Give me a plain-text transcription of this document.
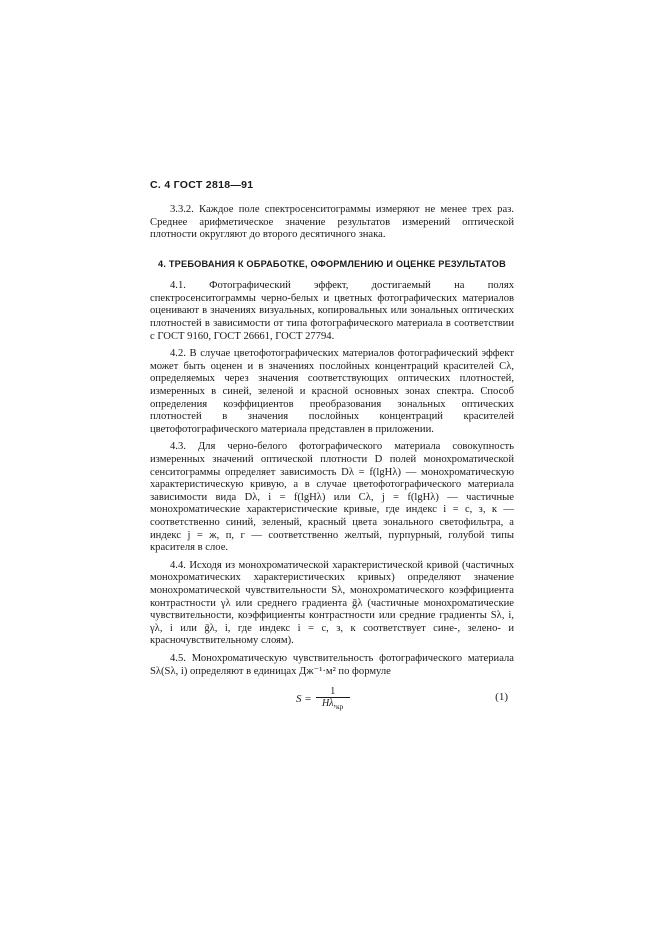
С. 4 ГОСТ 2818—91

3.3.2. Каждое поле спектросенситограммы измеряют не менее трех раз. Среднее арифметическое значение результатов измерений оптической плотности округляют до второго десятичного знака.

4. ТРЕБОВАНИЯ К ОБРАБОТКЕ, ОФОРМЛЕНИЮ И ОЦЕНКЕ РЕЗУЛЬТАТОВ

4.1. Фотографический эффект, достигаемый на полях спектросенситограммы черно-белых и цветных фотографических материалов оценивают в значениях визуальных, копировальных или зональных оптических плотностей в зависимости от типа фотографического материала в соответствии с ГОСТ 9160, ГОСТ 26661, ГОСТ 27794.

4.2. В случае цветофотографических материалов фотографический эффект может быть оценен и в значениях послойных концентраций красителей Cλ, определяемых через значения соответствующих оптических плотностей, измеренных в синей, зеленой и красной основных зонах спектра. Способ определения коэффициентов преобразования зональных оптических плотностей в значения послойных концентраций красителей цветофотографического материала представлен в приложении.

4.3. Для черно-белого фотографического материала совокупность измеренных значений оптической плотности D полей монохроматической сенситограммы определяет зависимость Dλ = f(lgHλ) — монохроматическую характеристическую кривую, а в случае цветофотографического материала зависимости вида Dλ, i = f(lgHλ) или Cλ, j = f(lgHλ) — частичные монохроматические характеристические кривые, где индекс i = с, з, к — соответственно синий, зеленый, красный цвета зонального светофильтра, а индекс j = ж, п, г — соответственно желтый, пурпурный, голубой типы красителя в слое.

4.4. Исходя из монохроматической характеристической кривой (частичных монохроматических характеристических кривых) определяют значение монохроматической чувствительности Sλ, монохроматического коэффициента контрастности γλ или среднего градиента ḡλ (частичные монохроматические чувствительности, коэффициенты контрастности или средние градиенты Sλ, i, γλ, i или ḡλ, i, где индекс i = с, з, к соответствует сине-, зелено- и красночувствительному слоям).

4.5. Монохроматическую чувствительность фотографического материала Sλ(Sλ, i) определяют в единицах Дж⁻¹·м² по формуле

$S = \frac{1}{H\lambda,_{кр}}$	(1)
